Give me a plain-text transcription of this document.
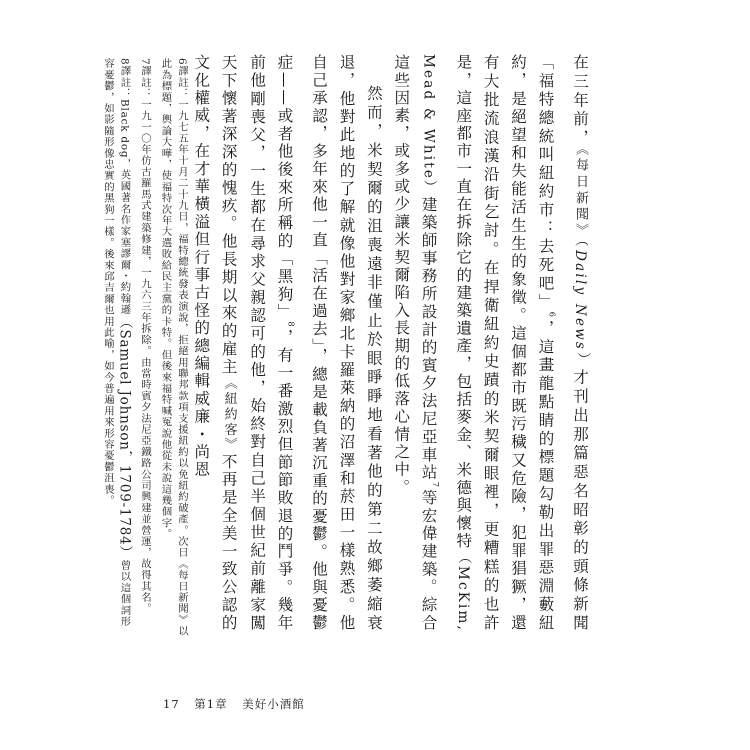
在三年前，《每日新聞》（Daily News）才刊出那篇惡名昭彰的頭條新聞「福特總統叫紐約市：去死吧」$^6$，這畫龍點睛的標題勾勒出罪惡淵藪紐約，是絕望和失能活生生的象徵。這個都市既污穢又危險，犯罪猖獗，還有大批流浪漢沿街乞討。在捍衛紐約史蹟的米契爾眼裡，更糟糕的也許是，這座都市一直在拆除它的建築遺產，包括麥金、米德與懷特（McKim, Mead & White）建築師事務所設計的賓夕法尼亞車站$^7$等宏偉建築。綜合這些因素，或多或少讓米契爾陷入長期的低落心情之中。

然而，米契爾的沮喪遠非僅止於眼睜睜地看著他的第二故鄉萎縮衰退，他對此地的了解就像他對家鄉北卡羅萊納的沼澤和菸田一樣熟悉。他自己承認，多年來他一直「活在過去」，總是載負著沉重的憂鬱。他與憂鬱症——或者他後來所稱的「黑狗」$^8$，有一番激烈但節節敗退的鬥爭。幾年前他剛喪父，一生都在尋求父親認可的他，始終對自己半個世紀前離家闖天下懷著深深的愧疚。他長期以來的雇主《紐約客》不再是全美一致公認的文化權威，在才華橫溢但行事古怪的總編輯威廉・尚恩

6譯註：一九七五年十月二十九日，福特總統發表演說，拒絕用聯邦款項支援紐約以免紐約破產。次日《每日新聞》以此為標題，輿論大嘩，使福特次年大選敗給民主黨的卡特。但後來福特喊冤說他從未說這幾個字。

7譯註：一九一〇年仿古羅馬式建築修建，一九六三年拆除。由當時賓夕法尼亞鐵路公司興建並營運，故得其名。

8譯註：Black dog，英國著名作家塞謬爾・約翰遜（Samuel Johnson，1709-1784）曾以這個詞形容憂鬱，如影隨形像忠實的黑狗一樣。後來邱吉爾也用此喻，如今普遍用來形容憂鬱沮喪。

17 第1章 美好小酒館
